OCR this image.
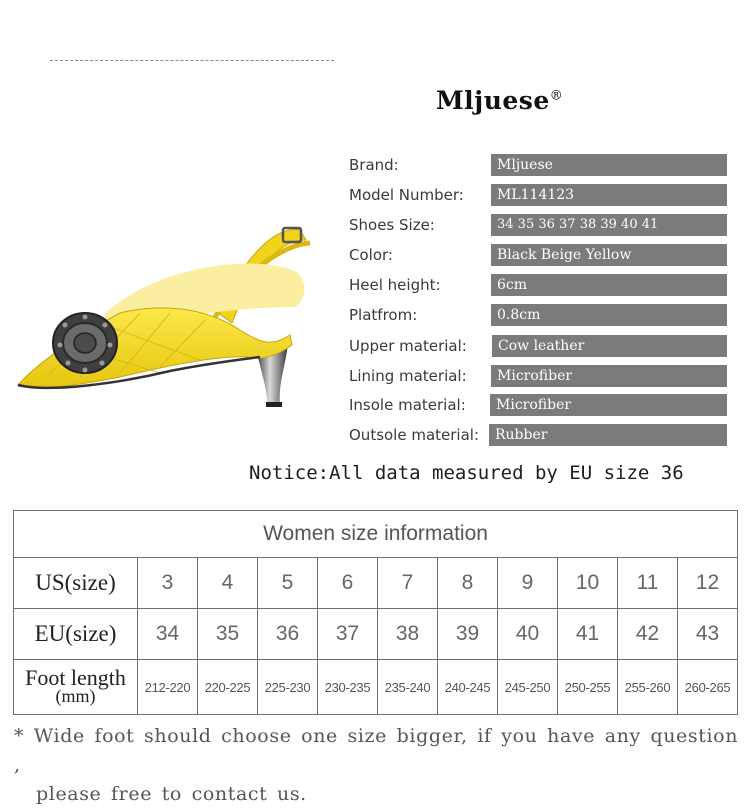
Mljuese®
Brand:	Mljuese
Model Number:	ML114123
Shoes Size:	34 35 36 37 38 39 40 41
Color:	Black Beige Yellow
Heel height:	6cm
Platfrom:	0.8cm
Upper material:	Cow leather
Lining material:	Microfiber
Insole material:	Microfiber
Outsole material:	Rubber
Notice:All data measured by EU size 36
Women size information										
US(size)	3	4	5	6	7	8	9	10	11	12
EU(size)	34	35	36	37	38	39	40	41	42	43

Foot length
(mm)	212-220	220-225	225-230	230-235	235-240	240-245	245-250	250-255	255-260	260-265
* Wide foot should choose one size bigger, if you have any question ,
please free to contact us.
